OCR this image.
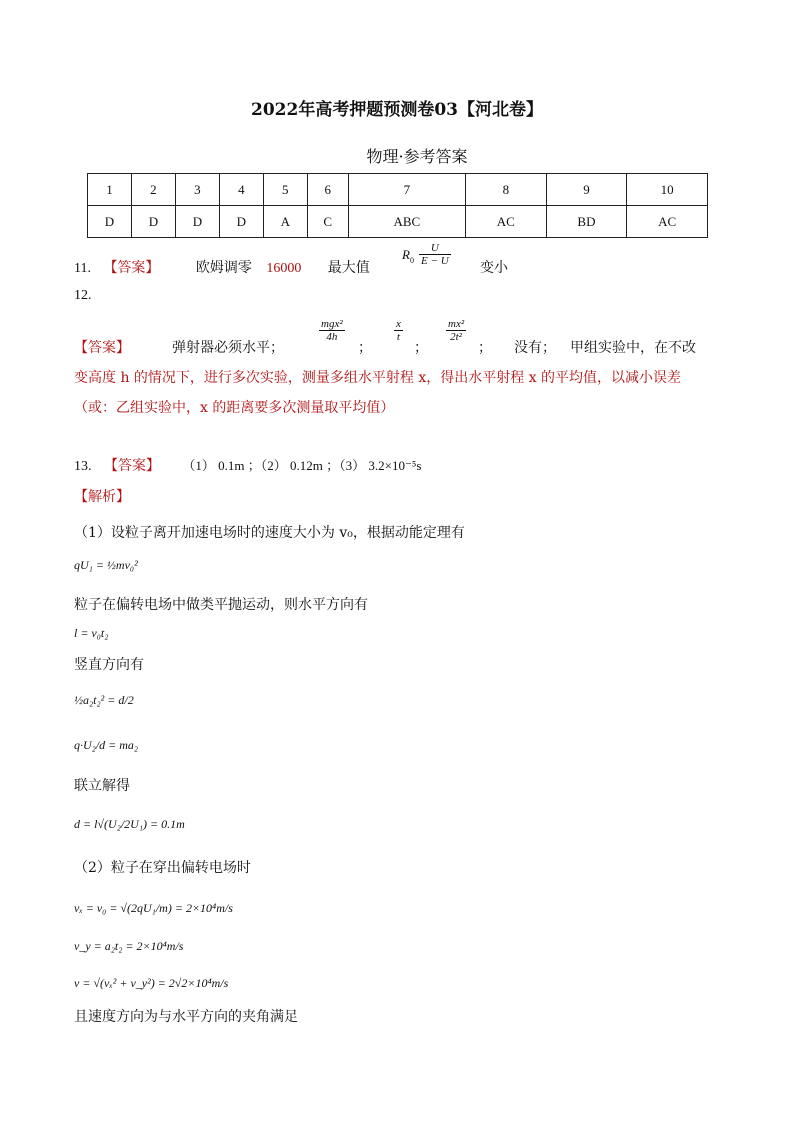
2022年高考押题预测卷03【河北卷】
物理·参考答案
1	2	3	4	5	6	7	8	9	10
D	D	D	D	A	C	ABC	AC	BD	AC
11. 【答案】	欧姆调零 16000 最大值
$R_0 \frac{U}{E - U}$
变小
12.
【答案】	弹射器必须水平；
$\frac{\text{mgx²}}{4h}$
；
$\frac{x}{t}$
；
$\frac{\text{mx²}}{\text{2t²}}$
； 没有； 甲组实验中，在不改
变高度 h 的情况下，进行多次实验，测量多组水平射程 x，得出水平射程 x 的平均值，以减小误差
（或：乙组实验中，x 的距离要多次测量取平均值）
13. 【答案】 （1） 0.1m ；（2） 0.12m ；（3） 3.2×10⁻⁵s
【解析】
（1）设粒子离开加速电场时的速度大小为 v₀，根据动能定理有
qU₁ = ½mv₀²
粒子在偏转电场中做类平抛运动，则水平方向有
l = v₀t₂
竖直方向有
½a₂t₂² = d/2
q·U₂/d = ma₂
联立解得
d = l√(U₂/2U₁) = 0.1m
（2）粒子在穿出偏转电场时
vₓ = v₀ = √(2qU₁/m) = 2×10⁴m/s
v_y = a₂t₂ = 2×10⁴m/s
v = √(vₓ² + v_y²) = 2√2×10⁴m/s
且速度方向为与水平方向的夹角满足
